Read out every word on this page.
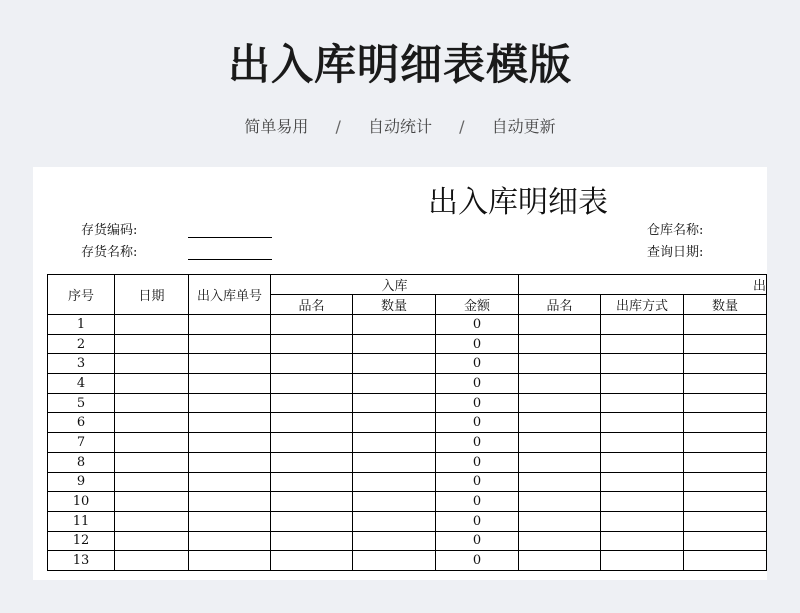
出入库明细表模版
简单易用 / 自动统计 / 自动更新
出入库明细表
存货编码:
存货名称:
仓库名称:
查询日期:
序号	日期	出入库单号	入库			出		
			品名	数量	金额	品名	出库方式	数量
1					0			
2					0			
3					0			
4					0			
5					0			
6					0			
7					0			
8					0			
9					0			
10					0			
11					0			
12					0			
13					0			
